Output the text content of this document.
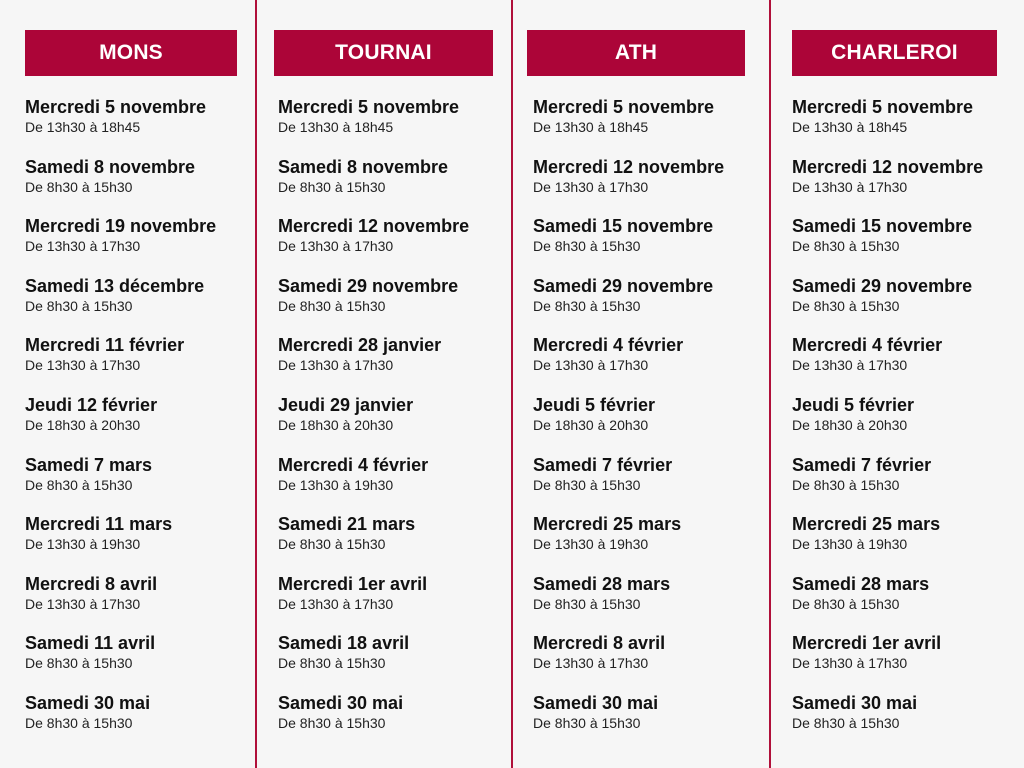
MONS
Mercredi 5 novembre
De 13h30 à 18h45
Samedi 8 novembre
De 8h30 à 15h30
Mercredi 19 novembre
De 13h30 à 17h30
Samedi 13 décembre
De 8h30 à 15h30
Mercredi 11 février
De 13h30 à 17h30
Jeudi 12 février
De 18h30 à 20h30
Samedi 7 mars
De 8h30 à 15h30
Mercredi 11 mars
De 13h30 à 19h30
Mercredi 8 avril
De 13h30 à 17h30
Samedi 11 avril
De 8h30 à 15h30
Samedi 30 mai
De 8h30 à 15h30
TOURNAI
Mercredi 5 novembre
De 13h30 à 18h45
Samedi 8 novembre
De 8h30 à 15h30
Mercredi 12 novembre
De 13h30 à 17h30
Samedi 29 novembre
De 8h30 à 15h30
Mercredi 28 janvier
De 13h30 à 17h30
Jeudi 29 janvier
De 18h30 à 20h30
Mercredi 4 février
De 13h30 à 19h30
Samedi 21 mars
De 8h30 à 15h30
Mercredi 1er avril
De 13h30 à 17h30
Samedi 18 avril
De 8h30 à 15h30
Samedi 30 mai
De 8h30 à 15h30
ATH
Mercredi 5 novembre
De 13h30 à 18h45
Mercredi 12 novembre
De 13h30 à 17h30
Samedi 15 novembre
De 8h30 à 15h30
Samedi 29 novembre
De 8h30 à 15h30
Mercredi 4 février
De 13h30 à 17h30
Jeudi 5 février
De 18h30 à 20h30
Samedi 7 février
De 8h30 à 15h30
Mercredi 25 mars
De 13h30 à 19h30
Samedi 28 mars
De 8h30 à 15h30
Mercredi 8 avril
De 13h30 à 17h30
Samedi 30 mai
De 8h30 à 15h30
CHARLEROI
Mercredi 5 novembre
De 13h30 à 18h45
Mercredi 12 novembre
De 13h30 à 17h30
Samedi 15 novembre
De 8h30 à 15h30
Samedi 29 novembre
De 8h30 à 15h30
Mercredi 4 février
De 13h30 à 17h30
Jeudi 5 février
De 18h30 à 20h30
Samedi 7 février
De 8h30 à 15h30
Mercredi 25 mars
De 13h30 à 19h30
Samedi 28 mars
De 8h30 à 15h30
Mercredi 1er avril
De 13h30 à 17h30
Samedi 30 mai
De 8h30 à 15h30
